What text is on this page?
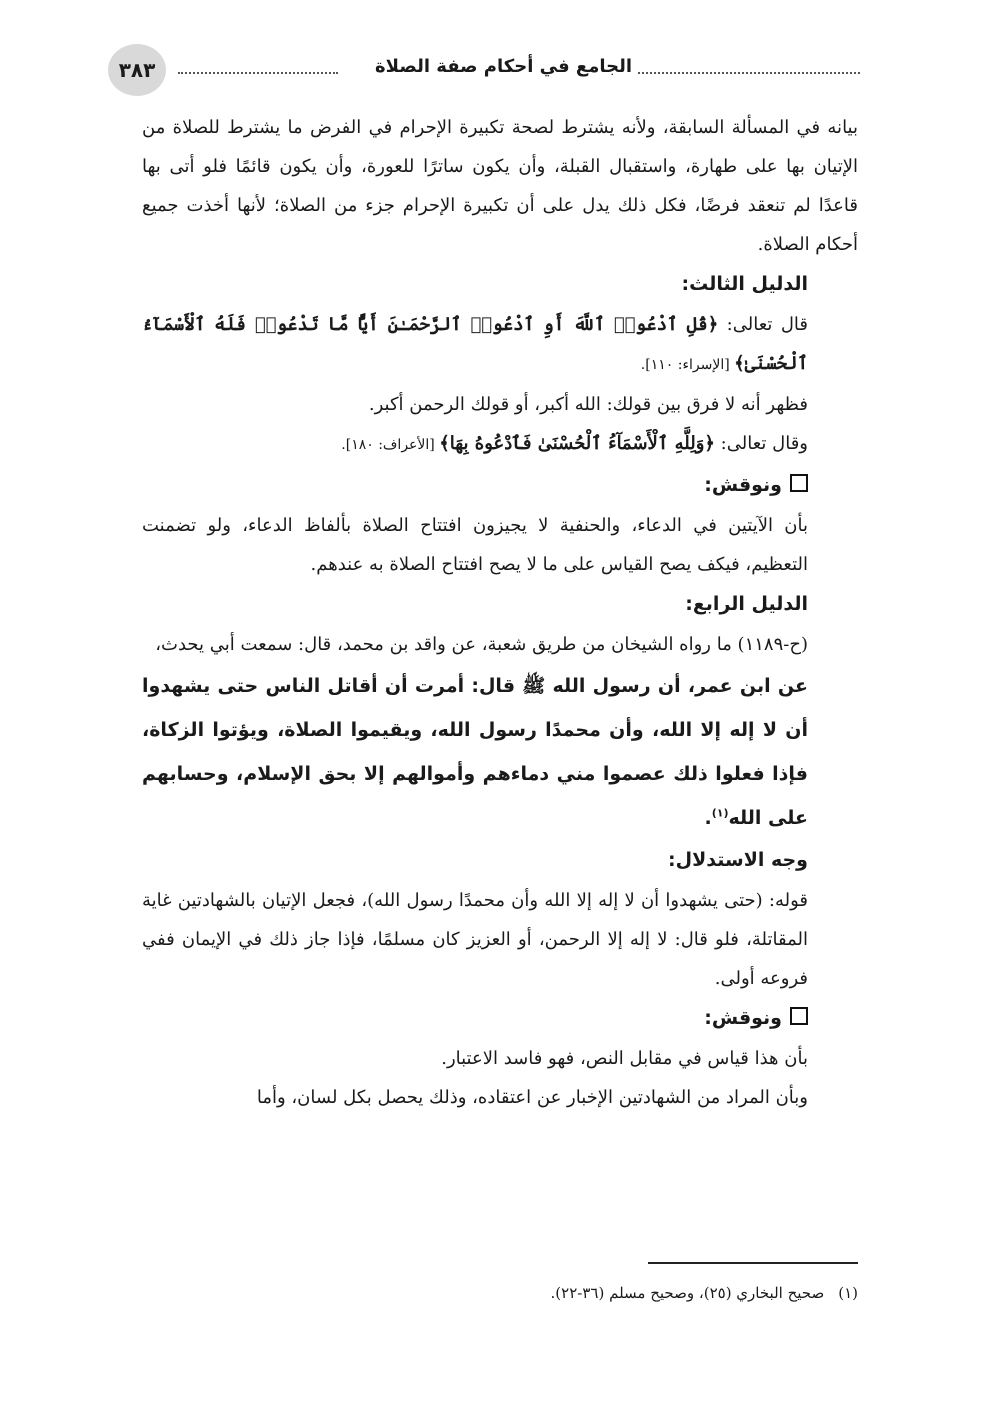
٣٨٣	الجامع في أحكام صفة الصلاة

بيانه في المسألة السابقة، ولأنه يشترط لصحة تكبيرة الإحرام في الفرض ما يشترط للصلاة من الإتيان بها على طهارة، واستقبال القبلة، وأن يكون ساترًا للعورة، وأن يكون قائمًا فلو أتى بها قاعدًا لم تنعقد فرضًا، فكل ذلك يدل على أن تكبيرة الإحرام جزء من الصلاة؛ لأنها أخذت جميع أحكام الصلاة.

الدليل الثالث:

قال تعالى: ﴿قُلِ ٱدْعُوا۟ ٱللَّهَ أَوِ ٱدْعُوا۟ ٱلرَّحْمَـٰنَ أَيًّا مَّا تَدْعُوا۟ فَلَهُ ٱلْأَسْمَآءُ ٱلْحُسْنَىٰ﴾ [الإسراء: ١١٠].

فظهر أنه لا فرق بين قولك: الله أكبر، أو قولك الرحمن أكبر.

وقال تعالى: ﴿وَلِلَّهِ ٱلْأَسْمَآءُ ٱلْحُسْنَىٰ فَٱدْعُوهُ بِهَا﴾ [الأعراف: ١٨٠].

ونوقش:

بأن الآيتين في الدعاء، والحنفية لا يجيزون افتتاح الصلاة بألفاظ الدعاء، ولو تضمنت التعظيم، فيكف يصح القياس على ما لا يصح افتتاح الصلاة به عندهم.

الدليل الرابع:

(ح-١١٨٩) ما رواه الشيخان من طريق شعبة، عن واقد بن محمد، قال: سمعت أبي يحدث،

عن ابن عمر، أن رسول الله ﷺ قال: أمرت أن أقاتل الناس حتى يشهدوا أن لا إله إلا الله، وأن محمدًا رسول الله، ويقيموا الصلاة، ويؤتوا الزكاة، فإذا فعلوا ذلك عصموا مني دماءهم وأموالهم إلا بحق الإسلام، وحسابهم على الله$^{(١)}$.

وجه الاستدلال:

قوله: (حتى يشهدوا أن لا إله إلا الله وأن محمدًا رسول الله)، فجعل الإتيان بالشهادتين غاية المقاتلة، فلو قال: لا إله إلا الرحمن، أو العزيز كان مسلمًا، فإذا جاز ذلك في الإيمان ففي فروعه أولى.

ونوقش:

بأن هذا قياس في مقابل النص، فهو فاسد الاعتبار.

وبأن المراد من الشهادتين الإخبار عن اعتقاده، وذلك يحصل بكل لسان، وأما

(١)صحيح البخاري (٢٥)، وصحيح مسلم (٣٦-٢٢).
